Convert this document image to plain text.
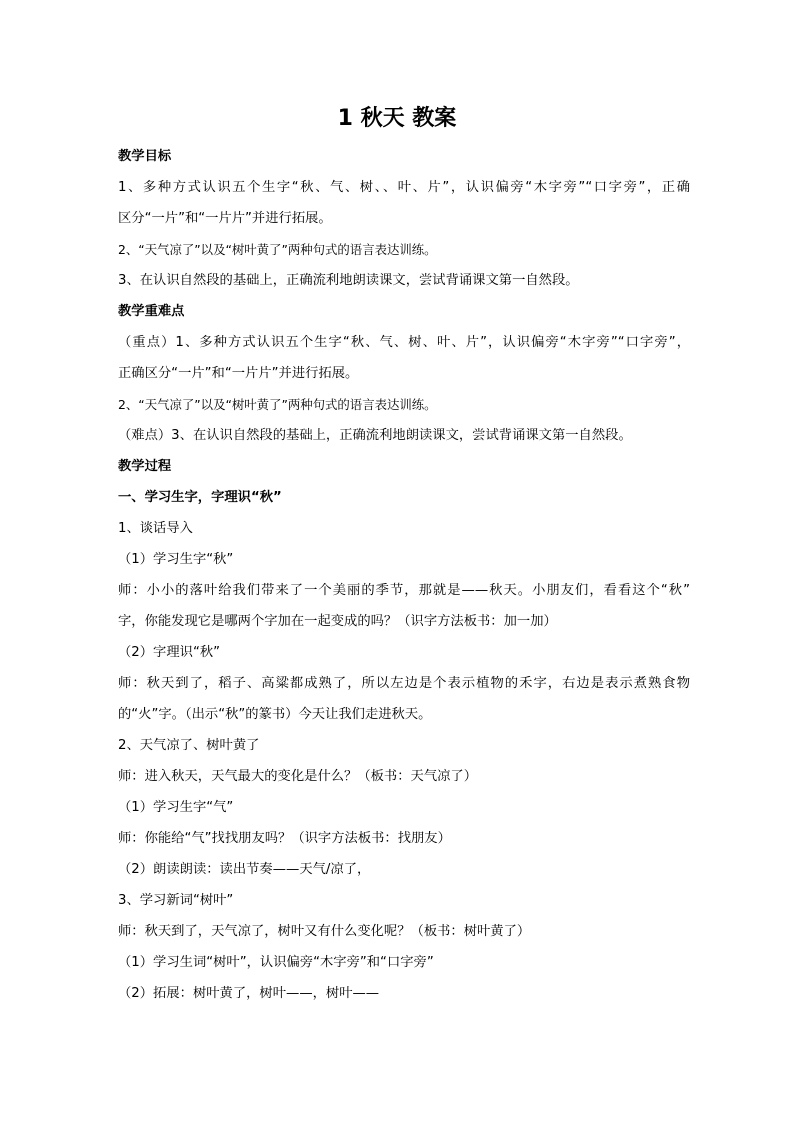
1 秋天 教案
教学目标
1、多种方式认识五个生字“秋、气、树、、叶、片”，认识偏旁“木字旁”“口字旁”，正确
区分“一片”和“一片片”并进行拓展。
2、“天气凉了”以及“树叶黄了”两种句式的语言表达训练。
3、在认识自然段的基础上，正确流利地朗读课文，尝试背诵课文第一自然段。
教学重难点
（重点）1、多种方式认识五个生字“秋、气、树、叶、片”，认识偏旁“木字旁”“口字旁”，
正确区分“一片”和“一片片”并进行拓展。
2、“天气凉了”以及“树叶黄了”两种句式的语言表达训练。
（难点）3、在认识自然段的基础上，正确流利地朗读课文，尝试背诵课文第一自然段。
教学过程
一、学习生字，字理识“秋”
1、谈话导入
（1）学习生字“秋”
师：小小的落叶给我们带来了一个美丽的季节，那就是——秋天。小朋友们，看看这个“秋”
字，你能发现它是哪两个字加在一起变成的吗？（识字方法板书：加一加）
（2）字理识“秋”
师：秋天到了，稻子、高粱都成熟了，所以左边是个表示植物的禾字，右边是表示煮熟食物
的“火”字。（出示“秋”的篆书）今天让我们走进秋天。
2、天气凉了、树叶黄了
师：进入秋天，天气最大的变化是什么？（板书：天气凉了）
（1）学习生字“气”
师：你能给“气”找找朋友吗？（识字方法板书：找朋友）
（2）朗读朗读：读出节奏——天气/凉了，
3、学习新词“树叶”
师：秋天到了，天气凉了，树叶又有什么变化呢？（板书：树叶黄了）
（1）学习生词“树叶”，认识偏旁“木字旁”和“口字旁”
（2）拓展：树叶黄了，树叶——，树叶——
